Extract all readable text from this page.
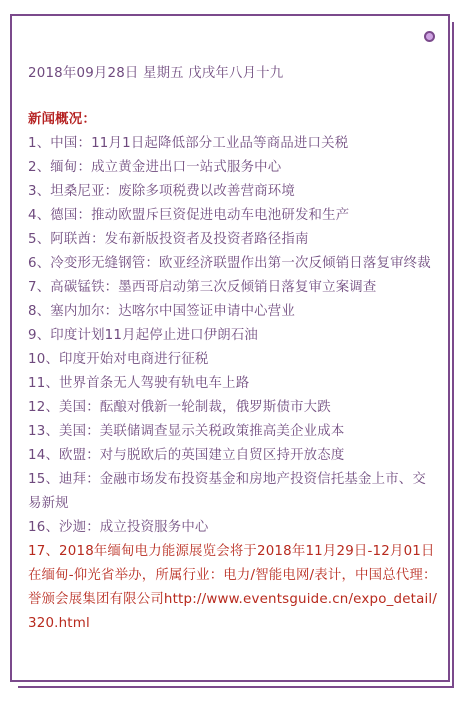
2018年09月28日 星期五 戊戌年八月十九

新闻概况：

1、中国：11月1日起降低部分工业品等商品进口关税

2、缅甸：成立黄金进出口一站式服务中心

3、坦桑尼亚：废除多项税费以改善营商环境

4、德国：推动欧盟斥巨资促进电动车电池研发和生产

5、阿联酋：发布新版投资者及投资者路径指南

6、冷变形无缝钢管：欧亚经济联盟作出第一次反倾销日落复审终裁

7、高碳锰铁：墨西哥启动第三次反倾销日落复审立案调查

8、塞内加尔：达喀尔中国签证申请中心营业

9、印度计划11月起停止进口伊朗石油

10、印度开始对电商进行征税

11、世界首条无人驾驶有轨电车上路

12、美国：酝酿对俄新一轮制裁，俄罗斯债市大跌

13、美国：美联储调查显示关税政策推高美企业成本

14、欧盟：对与脱欧后的英国建立自贸区持开放态度

15、迪拜：金融市场发布投资基金和房地产投资信托基金上市、交易新规

16、沙迦：成立投资服务中心

17、2018年缅甸电力能源展览会将于2018年11月29日-12月01日在缅甸-仰光省举办，所属行业：电力/智能电网/表计，中国总代理：誉颁会展集团有限公司http://www.eventsguide.cn/expo_detail/320.html
